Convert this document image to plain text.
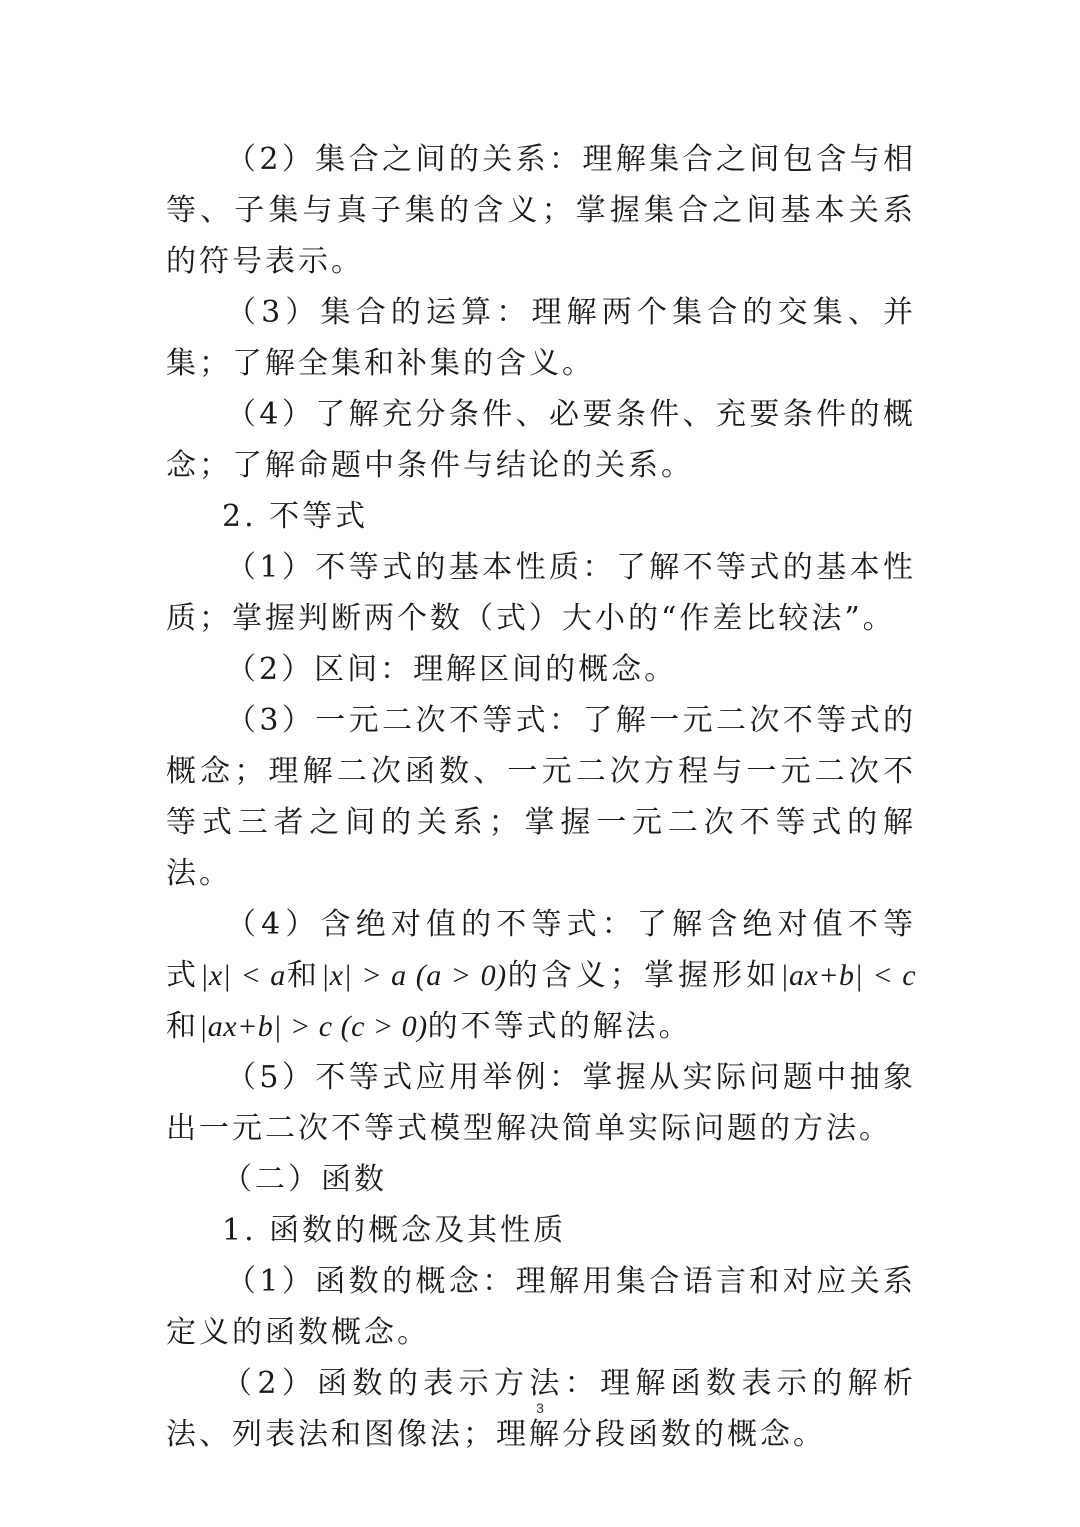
（2）集合之间的关系：理解集合之间包含与相等、子集与真子集的含义；掌握集合之间基本关系的符号表示。

（3）集合的运算：理解两个集合的交集、并集；了解全集和补集的含义。

（4）了解充分条件、必要条件、充要条件的概念；了解命题中条件与结论的关系。

2. 不等式

（1）不等式的基本性质：了解不等式的基本性质；掌握判断两个数（式）大小的“作差比较法”。

（2）区间：理解区间的概念。

（3）一元二次不等式：了解一元二次不等式的概念；理解二次函数、一元二次方程与一元二次不等式三者之间的关系；掌握一元二次不等式的解法。

（4）含绝对值的不等式：了解含绝对值不等式|x| < a和|x| > a (a > 0)的含义；掌握形如|ax+b| < c和|ax+b| > c (c > 0)的不等式的解法。

（5）不等式应用举例：掌握从实际问题中抽象出一元二次不等式模型解决简单实际问题的方法。

（二）函数

1. 函数的概念及其性质

（1）函数的概念：理解用集合语言和对应关系定义的函数概念。

（2）函数的表示方法：理解函数表示的解析法、列表法和图像法；理解分段函数的概念。

3
